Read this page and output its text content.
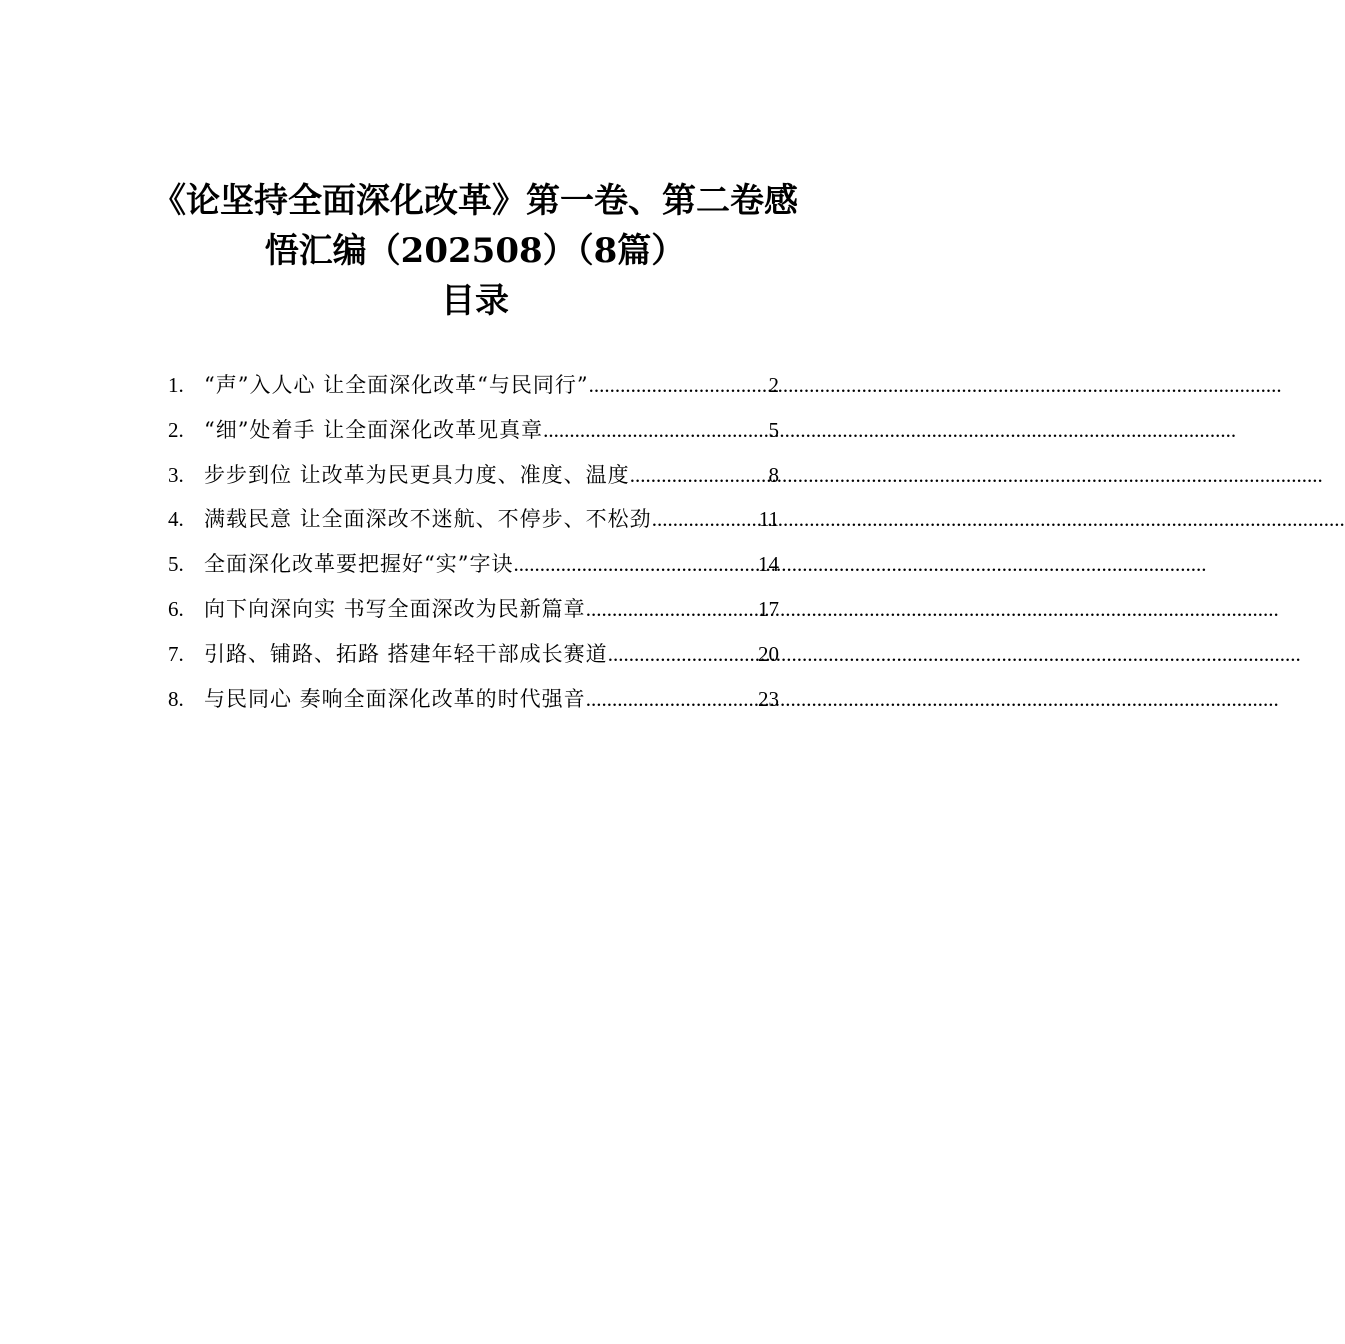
《论坚持全面深化改革》第一卷、第二卷感
悟汇编（202508）（8篇）
目录
1. “声”入人心 让全面深化改革“与民同行” .....	2
2. “细”处着手 让全面深化改革见真章 .....	5
3. 步步到位 让改革为民更具力度、准度、温度 .....	8
4. 满载民意 让全面深改不迷航、不停步、不松劲 .....	11
5. 全面深化改革要把握好“实”字诀 .....	14
6. 向下向深向实 书写全面深改为民新篇章 .....	17
7. 引路、铺路、拓路 搭建年轻干部成长赛道 .....	20
8. 与民同心 奏响全面深化改革的时代强音 .....	23
